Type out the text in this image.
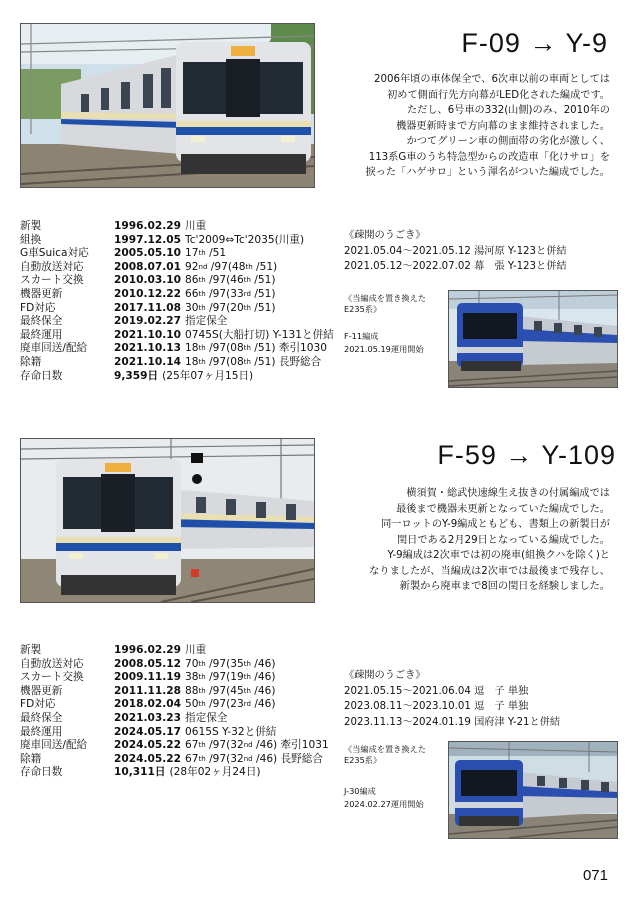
F-09 → Y-9
2006年頃の車体保全で、6次車以前の車両としては
初めて側面行先方向幕がLED化された編成です。
ただし、6号車の332(山側)のみ、2010年の
機器更新時まで方向幕のまま維持されました。
かつてグリーン車の側面帯の劣化が激しく、
113系G車のうち特急型からの改造車「化けサロ」を
捩った「ハゲサロ」という渾名がついた編成でした。
新製	1996.02.29 川重
組換	1997.12.05 Tc'2009⇔Tc'2035(川重)
G車Suica対応	2005.05.10 17th /51
自動放送対応	2008.07.01 92nd /97(48th /51)
スカート交換	2010.03.10 86th /97(46th /51)
機器更新	2010.12.22 66th /97(33rd /51)
FD対応	2017.11.08 30th /97(20th /51)
最終保全	2019.02.27 指定保全
最終運用	2021.10.10 0745S(大船打切) Y-131と併結
廃車回送/配給	2021.10.13 18th /97(08th /51) 牽引1030
除籍	2021.10.14 18th /97(08th /51) 長野総合
存命日数	9,359日 (25年07ヶ月15日)
《疎開のうごき》
2021.05.04～2021.05.12 湯河原 Y-123と併結
2021.05.12～2022.07.02 幕　張 Y-123と併結
《当編成を置き換えた
E235系》
F-11編成
2021.05.19運用開始
F-59 → Y-109
横須賀・総武快速線生え抜きの付属編成では
最後まで機器未更新となっていた編成でした。
同一ロットのY-9編成ともども、書類上の新製日が
閏日である2月29日となっている編成でした。
Y-9編成は2次車では初の廃車(組換クハを除く)と
なりましたが、当編成は2次車では最後まで残存し、
新製から廃車まで8回の閏日を経験しました。
新製	1996.02.29 川重
自動放送対応	2008.05.12 70th /97(35th /46)
スカート交換	2009.11.19 38th /97(19th /46)
機器更新	2011.11.28 88th /97(45th /46)
FD対応	2018.02.04 50th /97(23rd /46)
最終保全	2021.03.23 指定保全
最終運用	2024.05.17 0615S Y-32と併結
廃車回送/配給	2024.05.22 67th /97(32nd /46) 牽引1031
除籍	2024.05.22 67th /97(32nd /46) 長野総合
存命日数	10,311日 (28年02ヶ月24日)
《疎開のうごき》
2021.05.15～2021.06.04 逗　子 単独
2023.08.11～2023.10.01 逗　子 単独
2023.11.13～2024.01.19 国府津 Y-21と併結
《当編成を置き換えた
E235系》
J-30編成
2024.02.27運用開始
071
